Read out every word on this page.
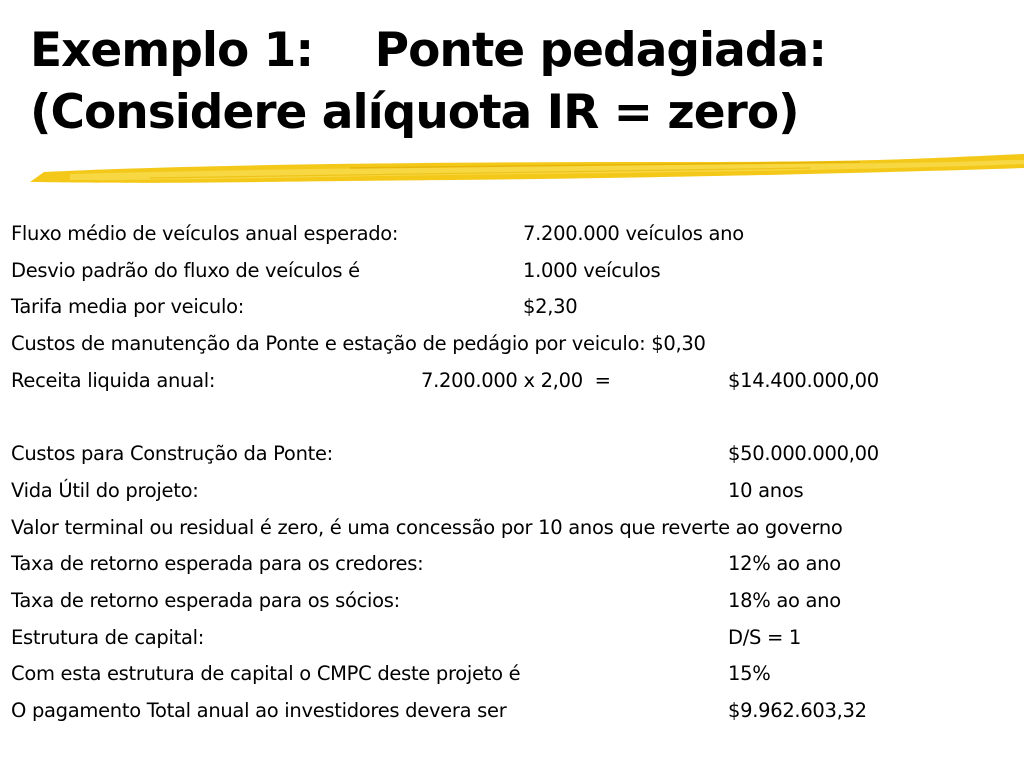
Exemplo 1:    Ponte pedagiada:
(Considere alíquota IR = zero)
Fluxo médio de veículos anual esperado:	7.200.000 veículos ano
Desvio padrão do fluxo de veículos é	1.000 veículos
Tarifa media por veiculo:	$2,30
Custos de manutenção da Ponte e estação de pedágio por veiculo: $0,30
Receita liquida anual:	7.200.000 x 2,00  =	$14.400.000,00
Custos para Construção da Ponte:	$50.000.000,00
Vida Útil do projeto:	10 anos
Valor terminal ou residual é zero, é uma concessão por 10 anos que reverte ao governo
Taxa de retorno esperada para os credores:	12% ao ano
Taxa de retorno esperada para os sócios:	18% ao ano
Estrutura de capital:	D/S = 1
Com esta estrutura de capital o CMPC deste projeto é	15%
O pagamento Total anual ao investidores devera ser	$9.962.603,32
